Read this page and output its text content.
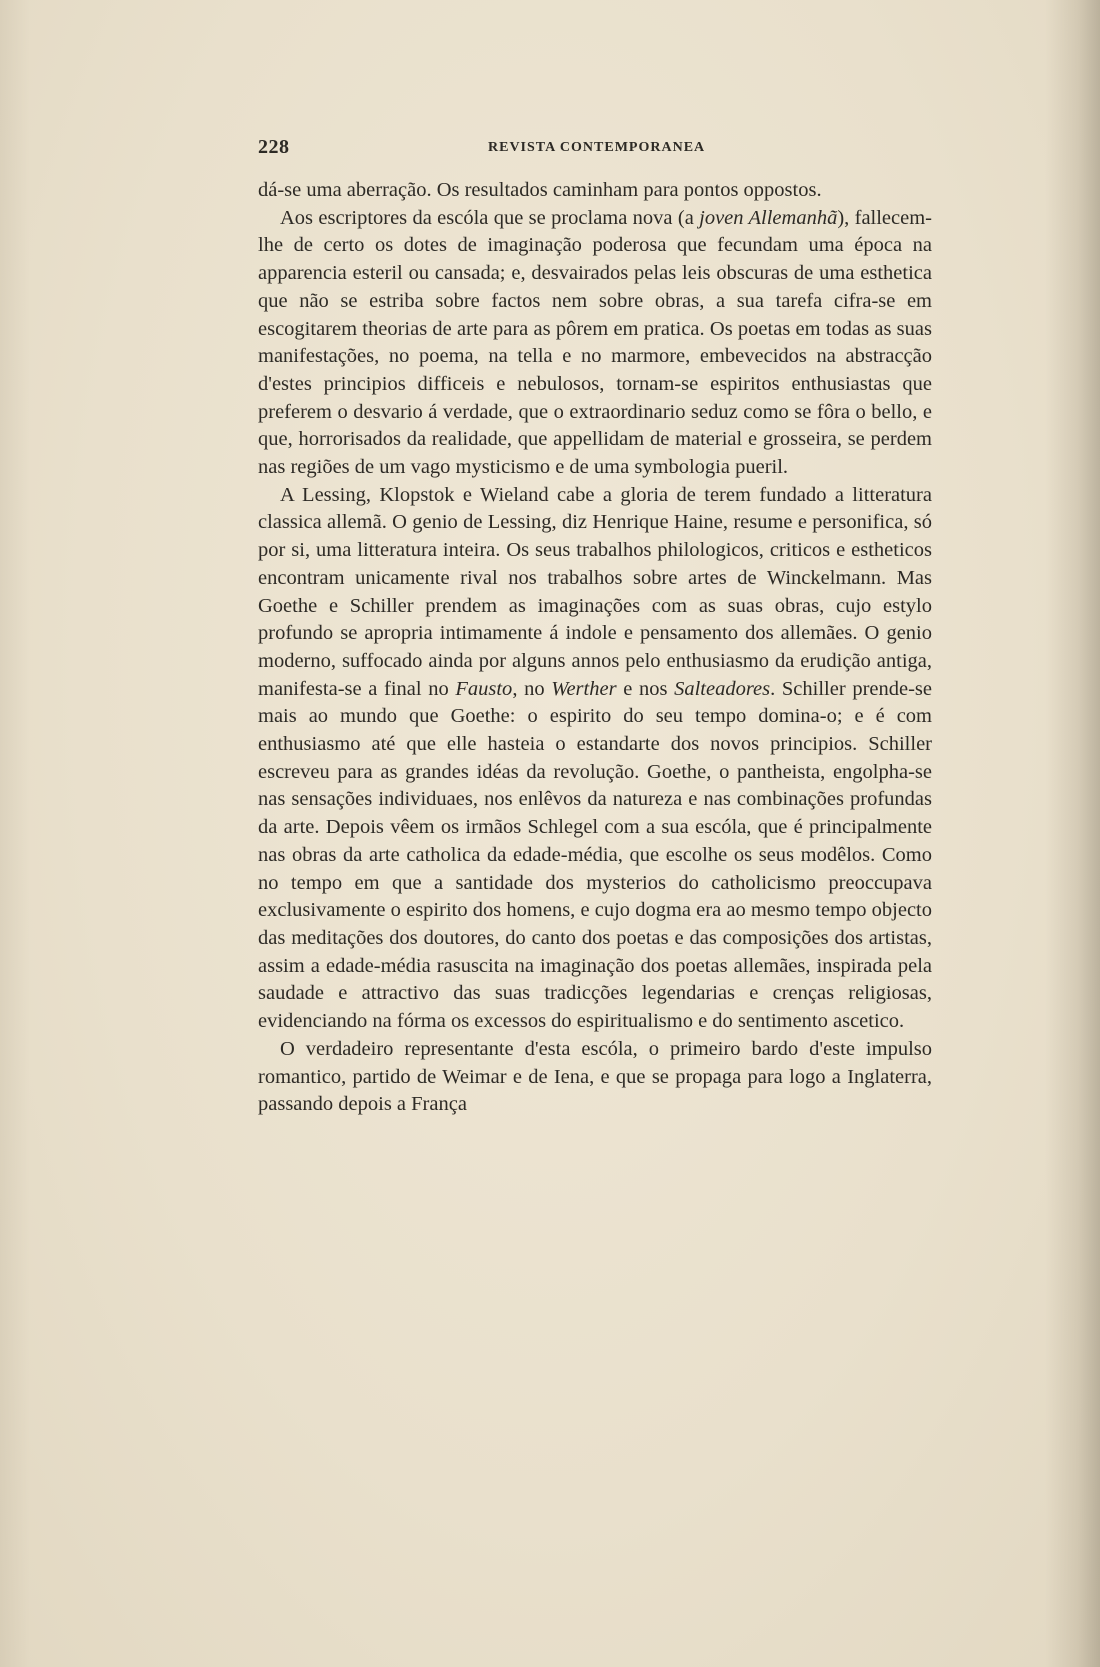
228	REVISTA CONTEMPORANEA

dá-se uma aberração. Os resultados caminham para pontos oppostos.

Aos escriptores da escóla que se proclama nova (a joven Allemanhã), fallecem-lhe de certo os dotes de imaginação poderosa que fecundam uma época na apparencia esteril ou cansada; e, desvairados pelas leis obscuras de uma esthetica que não se estriba sobre factos nem sobre obras, a sua tarefa cifra-se em escogitarem theorias de arte para as pôrem em pratica. Os poetas em todas as suas manifestações, no poema, na tella e no marmore, embevecidos na abstracção d'estes principios difficeis e nebulosos, tornam-se espiritos enthusiastas que preferem o desvario á verdade, que o extraordinario seduz como se fôra o bello, e que, horrorisados da realidade, que appellidam de material e grosseira, se perdem nas regiões de um vago mysticismo e de uma symbologia pueril.

A Lessing, Klopstok e Wieland cabe a gloria de terem fundado a litteratura classica allemã. O genio de Lessing, diz Henrique Haine, resume e personifica, só por si, uma litteratura inteira. Os seus trabalhos philologicos, criticos e estheticos encontram unicamente rival nos trabalhos sobre artes de Winckelmann. Mas Goethe e Schiller prendem as imaginações com as suas obras, cujo estylo profundo se apropria intimamente á indole e pensamento dos allemães. O genio moderno, suffocado ainda por alguns annos pelo enthusiasmo da erudição antiga, manifesta-se a final no Fausto, no Werther e nos Salteadores. Schiller prende-se mais ao mundo que Goethe: o espirito do seu tempo domina-o; e é com enthusiasmo até que elle hasteia o estandarte dos novos principios. Schiller escreveu para as grandes idéas da revolução. Goethe, o pantheista, engolpha-se nas sensações individuaes, nos enlêvos da natureza e nas combinações profundas da arte. Depois vêem os irmãos Schlegel com a sua escóla, que é principalmente nas obras da arte catholica da edade-média, que escolhe os seus modêlos. Como no tempo em que a santidade dos mysterios do catholicismo preoccupava exclusivamente o espirito dos homens, e cujo dogma era ao mesmo tempo objecto das meditações dos doutores, do canto dos poetas e das composições dos artistas, assim a edade-média rasuscita na imaginação dos poetas allemães, inspirada pela saudade e attractivo das suas tradicções legendarias e crenças religiosas, evidenciando na fórma os excessos do espiritualismo e do sentimento ascetico.

O verdadeiro representante d'esta escóla, o primeiro bardo d'este impulso romantico, partido de Weimar e de Iena, e que se propaga para logo a Inglaterra, passando depois a França
